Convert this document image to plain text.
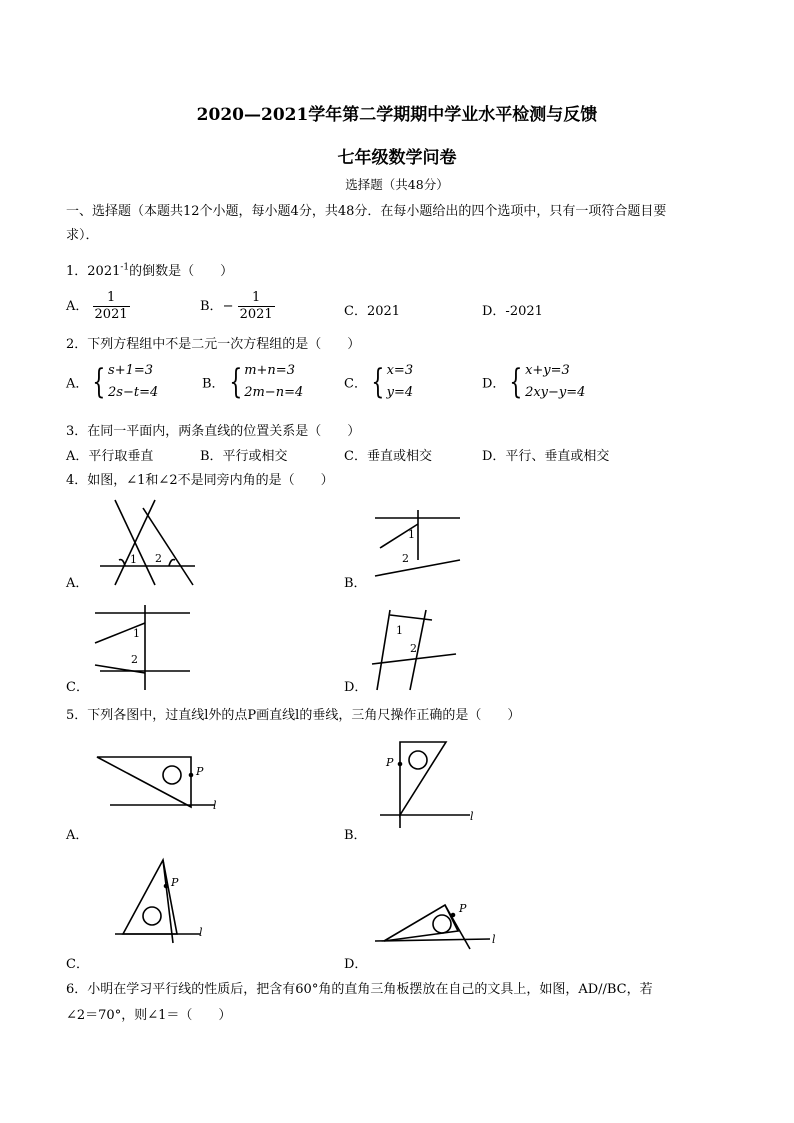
2020—2021学年第二学期期中学业水平检测与反馈
七年级数学问卷
选择题（共48分）
一、选择题（本题共12个小题，每小题4分，共48分．在每小题给出的四个选项中，只有一项符合题目要
求）．
1．$2021^{-1}$的倒数是（　　）
A． $\frac{1}{2021}$	B．− $\frac{1}{2021}$	C．2021	D．-2021
2．下列方程组中不是二元一次方程组的是（　　）
A． { s+1=3
2s−t=4
B． { m+n=3
2m−n=4
C． { x=3
y=4
D． { x+y=3
2xy−y=4
3．在同一平面内，两条直线的位置关系是（　　）
A．平行取垂直	B．平行或相交	C．垂直或相交	D．平行、垂直或相交
4．如图，∠1和∠2不是同旁内角的是（　　）
1 2
A．
1
2
B．
1
2
C．
1
2
D．
5．下列各图中，过直线l外的点P画直线l的垂线，三角尺操作正确的是（　　）
P
l
A．
P
l
B．
P
l
C．
P
l
D．
6．小明在学习平行线的性质后，把含有60°角的直角三角板摆放在自己的文具上，如图，AD//BC，若
∠2＝70°，则∠1＝（　　）
